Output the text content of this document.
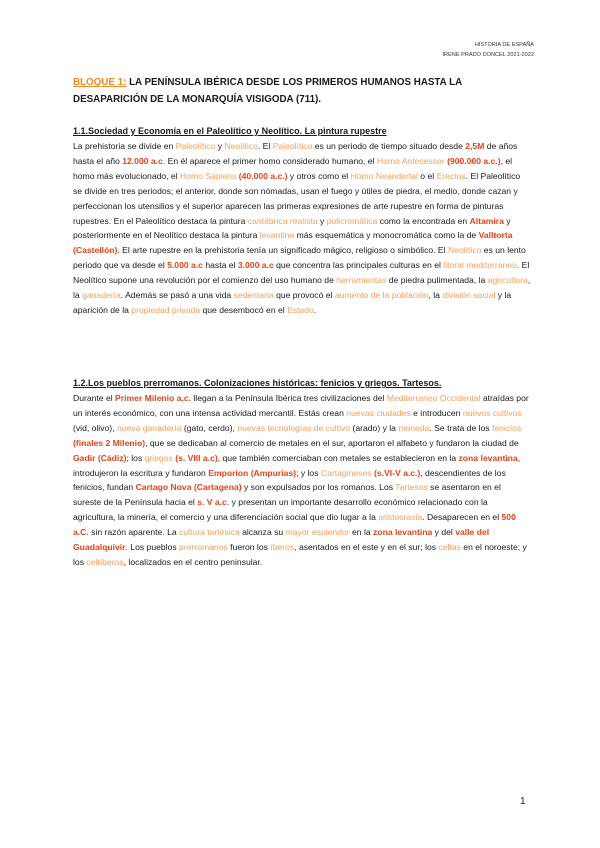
HISTORIA DE ESPAÑA
IRENE PRADO DONCEL 2021-2022
BLOQUE 1: LA PENÍNSULA IBÉRICA DESDE LOS PRIMEROS HUMANOS HASTA LA DESAPARICIÓN DE LA MONARQUÍA VISIGODA (711).
1.1.Sociedad y Economía en el Paleolítico y Neolítico. La pintura rupestre

La prehistoria se divide en Paleolítico y Neolítico. El Paleolítico es un periodo de tiempo situado desde 2,5M de años hasta el año 12.000 a.c. En él aparece el primer homo considerado humano, el Homo Antecessor (900.000 a.c.), el homo más evolucionado, el Homo Sapiens (40.000 a.c.) y otros como el Homo Neandertal o el Erectus. El Paleolítico se divide en tres periodos; el anterior, donde son nómadas, usan el fuego y útiles de piedra, el medio, donde cazan y perfeccionan los utensilios y el superior aparecen las primeras expresiones de arte rupestre en forma de pinturas rupestres. En el Paleolítico destaca la pintura cantábrica realista y policromática como la encontrada en Altamira y posteriormente en el Neolítico destaca la pintura levantina más esquemática y monocromática como la de Valltorta (Castellón). El arte rupestre en la prehistoria tenía un significado mágico, religioso o simbólico. El Neolítico es un lento periodo que va desde el 5.000 a.c hasta el 3.000 a.c que concentra las principales culturas en el litoral mediterraneo. El Neolítico supone una revolución por el comienzo del uso humano de herramientas de piedra pulimentada, la agricultura, la ganadería. Además se pasó a una vida sedentaria que provocó el aumento de la población, la división social y la aparición de la propiedad privada que desembocó en el Estado.

1.2.Los pueblos prerromanos. Colonizaciones históricas: fenicios y griegos. Tartesos.

Durante el Primer Milenio a.c. llegan a la Península Ibérica tres civilizaciones del Mediterraneo Occidental atraídas por un interés económico, con una intensa actividad mercantil. Estás crean nuevas ciudades e introducen nuevos cultivos (vid, olivo), nueva ganadería (gato, cerdo), nuevas tecnologías de cultivo (arado) y la moneda. Se trata de los fenicios (finales 2 Milenio), que se dedicaban al comercio de metales en el sur, aportaron el alfabeto y fundaron la ciudad de Gadir (Cádiz); los griegos (s. VIII a.c), que también comerciaban con metales se establecieron en la zona levantina, introdujeron la escritura y fundaron Emporion (Ampurias); y los Cartagineses (s.VI-V a.c.), descendientes de los fenicios, fundan Cartago Nova (Cartagena) y son expulsados por los romanos. Los Tartesos se asentaron en el sureste de la Península hacia el s. V a.c. y presentan un importante desarrollo económico relacionado con la agricultura, la minería, el comercio y una diferenciación social que dio lugar a la aristocracia. Desaparecen en el 500 a.C. sin razón aparente. La cultura tartésica alcanza su mayor esplendor en la zona levantina y del valle del Guadalquivir. Los pueblos prerromanos fueron los íberos, asentados en el este y en el sur; los celtas en el noroeste; y los celtíberos, localizados en el centro peninsular.

1
